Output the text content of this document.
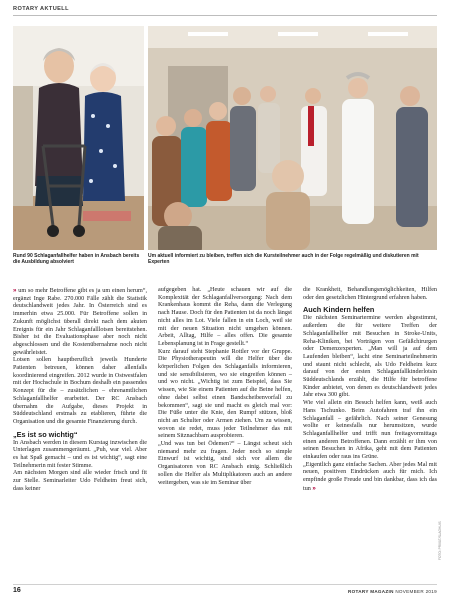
ROTARY AKTUELL
Rund 90 Schlaganfallhelfer haben in Ansbach bereits die Ausbildung absolviert
Um aktuell informiert zu bleiben, treffen sich die Kursteilnehmer auch in der Folge regelmäßig und diskutieren mit Experten
FOTO: PRIVAT/SLAGHUIS

» um so mehr Betroffene gibt es ja um einen herum“, ergänzt Inge Rabe. 270.000 Fälle zählt die Statistik deutschlandweit jedes Jahr. In Österreich sind es immerhin etwa 25.000. Für Betroffene sollen in Zukunft möglichst überall direkt nach dem akuten Ereignis für ein Jahr Schlaganfalllotsen bereitstehen. Bisher ist die Evaluationsphase aber noch nicht abgeschlossen und die Kostenübernahme noch nicht gewährleistet.

Lotsen sollen hauptberuflich jeweils Hunderte Patienten betreuen, können daher allenfalls koordinierend eingreifen. 2012 wurde in Ostwestfalen mit der Hochschule in Bochum deshalb ein passendes Konzept für die – zusätzlichen – ehrenamtlichen Schlaganfallhelfer erarbeitet. Der RC Ansbach übernahm die Aufgabe, dieses Projekt in Süddeutschland erstmals zu etablieren, führte die Organisation und die gesamte Finanzierung durch.

„Es ist so wichtig“

In Ansbach werden in diesem Kurstag inzwischen die Unterlagen zusammengeräumt. „Puh, war viel. Aber es hat Spaß gemacht – und es ist wichtig“, sagt eine Teilnehmerin mit fester Stimme.

Am nächsten Morgen sind alle wieder frisch und fit zur Stelle. Seminarleiter Udo Feldheim freut sich, dass keiner

aufgegeben hat. „Heute schauen wir auf die Komplexität der Schlaganfallversorgung: Nach dem Krankenhaus kommt die Reha, dann die Verlegung nach Hause. Doch für den Patienten ist da noch längst nicht alles im Lot. Viele fallen in ein Loch, weil sie mit der neuen Situation nicht umgehen können. Arbeit, Alltag, Hilfe – alles offen. Die gesamte Lebensplanung ist in Frage gestellt.“

Kurz darauf steht Stephanie Rottler vor der Gruppe. Die Physiotherapeutin will die Helfer über die körperlichen Folgen des Schlaganfalls informieren, und sie sensibilisieren, wo sie eingreifen können – und wo nicht. „Wichtig ist zum Beispiel, dass Sie wissen, wie Sie einem Patienten auf die Beine helfen, ohne dabei selbst einen Bandscheibenvorfall zu bekommen“, sagt sie und macht es gleich mal vor: Die Füße unter die Knie, den Rumpf stützen, bloß nicht an Schulter oder Armen ziehen. Um zu wissen, wovon sie redet, muss jeder Teilnehmer das mit seinem Sitznachbarn ausprobieren.

„Und was tun bei Ödemen?“ – Längst scheut sich niemand mehr zu fragen. Jeder noch so simple Einwurf ist wichtig, sind sich vor allem die Organisatoren von RC Ansbach einig. Schließlich sollen die Helfer als Multiplikatoren auch an andere weitergeben, was sie im Seminar über

die Krankheit, Behandlungsmöglichkeiten, Hilfen oder den gesetzlichen Hintergrund erfahren haben.

Auch Kindern helfen

Die nächsten Seminartermine werden abgestimmt, außerdem die für weitere Treffen der Schlaganfallhelfer mit Besuchen in Stroke-Units, Reha-Kliniken, bei Vorträgen von Gefäßchirurgen oder Demenzexperten. „Man will ja auf dem Laufenden bleiben“, lacht eine Seminarteilnehmerin und staunt nicht schlecht, als Udo Feldheim kurz darauf von der ersten Schlaganfallkinderlotsin Süddeutschlands erzählt, die Hilfe für betroffene Kinder anbietet, von denen es deutschlandweit jedes Jahr etwa 300 gibt.

Wie viel allein ein Besuch helfen kann, weiß auch Hans Tschunko. Beim Autofahren traf ihn ein Schlaganfall – gefährlich. Nach seiner Genesung wollte er keinesfalls nur herumsitzen, wurde Schlaganfallhelfer und trifft nun freitagvormittags einen anderen Betroffenen. Dann erzählt er ihm von seinen Besuchen in Afrika, geht mit dem Patienten einkaufen oder raus ins Grüne.

„Eigentlich ganz einfache Sachen. Aber jedes Mal mit neuen, positiven Eindrücken auch für mich. Ich empfinde große Freude und bin dankbar, dass ich das tun »

16	ROTARY MAGAZIN NOVEMBER 2019
